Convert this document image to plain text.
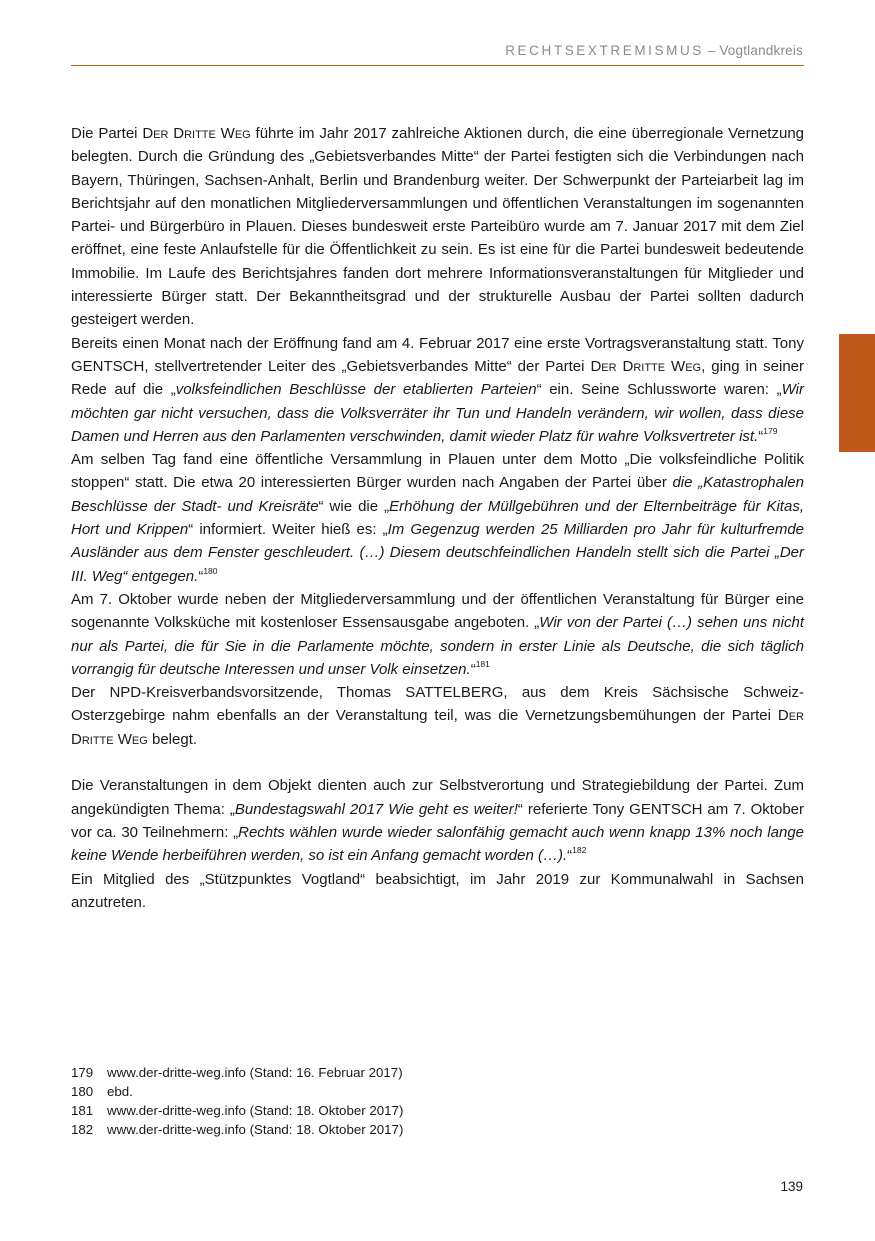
RECHTSEXTREMISMUS – Vogtlandkreis

Die Partei Der Dritte Weg führte im Jahr 2017 zahlreiche Aktionen durch, die eine überregionale Vernetzung belegten. Durch die Gründung des „Gebietsverbandes Mitte“ der Partei festigten sich die Verbindungen nach Bayern, Thüringen, Sachsen-Anhalt, Berlin und Brandenburg weiter. Der Schwerpunkt der Parteiarbeit lag im Berichtsjahr auf den monatlichen Mitgliederversammlungen und öffentlichen Veranstaltungen im sogenannten Partei- und Bürgerbüro in Plauen. Dieses bundesweit erste Parteibüro wurde am 7. Januar 2017 mit dem Ziel eröffnet, eine feste Anlaufstelle für die Öffentlichkeit zu sein. Es ist eine für die Partei bundesweit bedeutende Immobilie. Im Laufe des Berichtsjahres fanden dort mehrere Informationsveranstaltungen für Mitglieder und interessierte Bürger statt. Der Bekanntheitsgrad und der strukturelle Ausbau der Partei sollten dadurch gesteigert werden.

Bereits einen Monat nach der Eröffnung fand am 4. Februar 2017 eine erste Vortragsveranstaltung statt. Tony GENTSCH, stellvertretender Leiter des „Gebietsverbandes Mitte“ der Partei Der Dritte Weg, ging in seiner Rede auf die „volksfeindlichen Beschlüsse der etablierten Parteien“ ein. Seine Schlussworte waren: „Wir möchten gar nicht versuchen, dass die Volksverräter ihr Tun und Handeln verändern, wir wollen, dass diese Damen und Herren aus den Parlamenten verschwinden, damit wieder Platz für wahre Volksvertreter ist.“$^{179}$

Am selben Tag fand eine öffentliche Versammlung in Plauen unter dem Motto „Die volksfeindliche Politik stoppen“ statt. Die etwa 20 interessierten Bürger wurden nach Angaben der Partei über die „Katastrophalen Beschlüsse der Stadt- und Kreisräte“ wie die „Erhöhung der Müllgebühren und der Elternbeiträge für Kitas, Hort und Krippen“ informiert. Weiter hieß es: „Im Gegenzug werden 25 Milliarden pro Jahr für kulturfremde Ausländer aus dem Fenster geschleudert. (…) Diesem deutschfeindlichen Handeln stellt sich die Partei „Der III. Weg“ entgegen.“$^{180}$

Am 7. Oktober wurde neben der Mitgliederversammlung und der öffentlichen Veranstaltung für Bürger eine sogenannte Volksküche mit kostenloser Essensausgabe angeboten. „Wir von der Partei (…) sehen uns nicht nur als Partei, die für Sie in die Parlamente möchte, sondern in erster Linie als Deutsche, die sich täglich vorrangig für deutsche Interessen und unser Volk einsetzen.“$^{181}$

Der NPD-Kreisverbandsvorsitzende, Thomas SATTELBERG, aus dem Kreis Sächsische Schweiz-Osterzgebirge nahm ebenfalls an der Veranstaltung teil, was die Vernetzungsbemühungen der Partei Der Dritte Weg belegt.

Die Veranstaltungen in dem Objekt dienten auch zur Selbstverortung und Strategiebildung der Partei. Zum angekündigten Thema: „Bundestagswahl 2017 Wie geht es weiter!“ referierte Tony GENTSCH am 7. Oktober vor ca. 30 Teilnehmern: „Rechts wählen wurde wieder salonfähig gemacht auch wenn knapp 13% noch lange keine Wende herbeiführen werden, so ist ein Anfang gemacht worden (…).“$^{182}$

Ein Mitglied des „Stützpunktes Vogtland“ beabsichtigt, im Jahr 2019 zur Kommunalwahl in Sachsen anzutreten.

179 www.der-dritte-weg.info (Stand: 16. Februar 2017)
180 ebd.
181 www.der-dritte-weg.info (Stand: 18. Oktober 2017)
182 www.der-dritte-weg.info (Stand: 18. Oktober 2017)
139
